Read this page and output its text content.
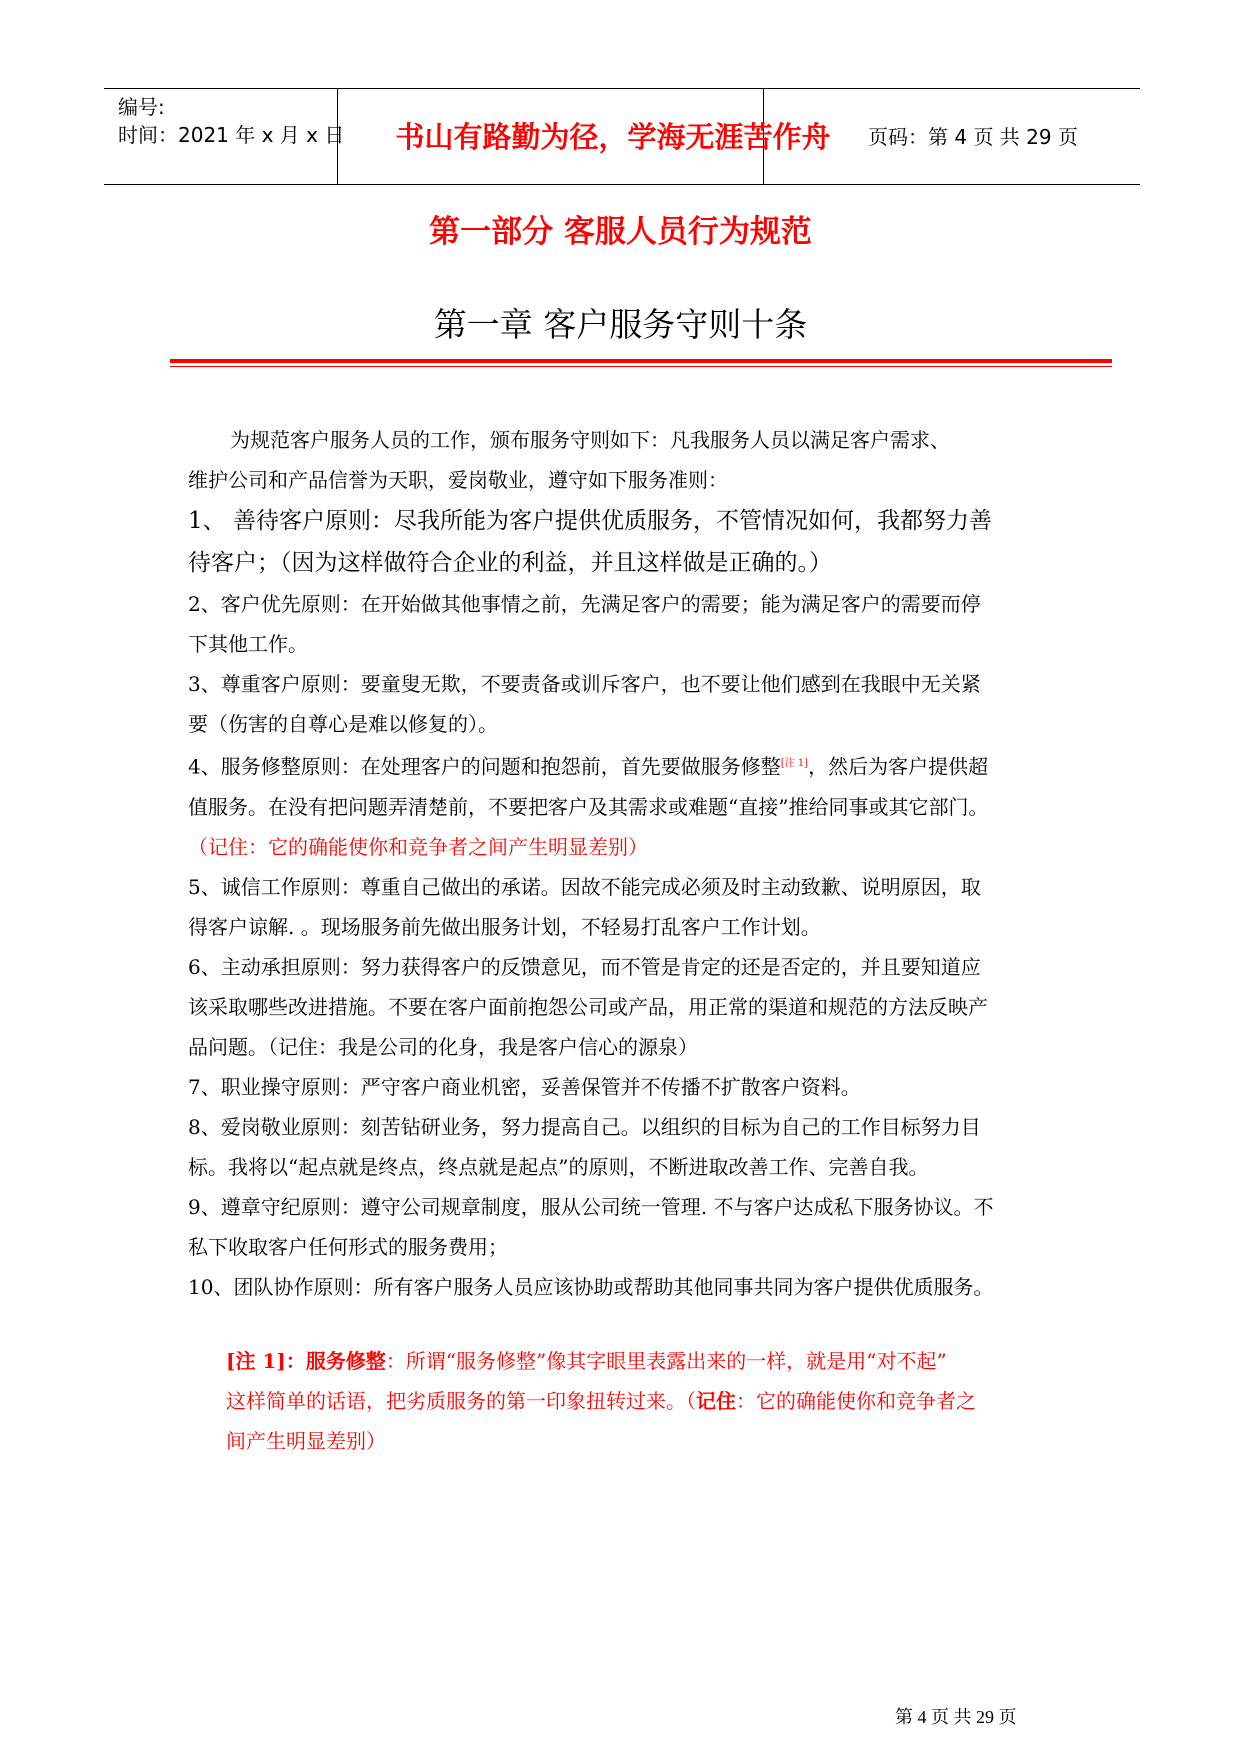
编号:
时间：2021 年 x 月 x 日	书山有路勤为径，学海无涯苦作舟	页码：第 4 页 共 29 页
第一部分 客服人员行为规范
第一章 客户服务守则十条

为规范客户服务人员的工作，颁布服务守则如下：凡我服务人员以满足客户需求、

维护公司和产品信誉为天职，爱岗敬业，遵守如下服务准则：

1、 善待客户原则：尽我所能为客户提供优质服务，不管情况如何，我都努力善

待客户；（因为这样做符合企业的利益，并且这样做是正确的。）

2、客户优先原则：在开始做其他事情之前，先满足客户的需要；能为满足客户的需要而停

下其他工作。

3、尊重客户原则：要童叟无欺，不要责备或训斥客户，也不要让他们感到在我眼中无关紧

要（伤害的自尊心是难以修复的）。

4、服务修整原则：在处理客户的问题和抱怨前，首先要做服务修整[注 1]，然后为客户提供超

值服务。在没有把问题弄清楚前，不要把客户及其需求或难题“直接”推给同事或其它部门。

（记住：它的确能使你和竞争者之间产生明显差别）

5、诚信工作原则：尊重自己做出的承诺。因故不能完成必须及时主动致歉、说明原因，取

得客户谅解. 。现场服务前先做出服务计划，不轻易打乱客户工作计划。

6、主动承担原则：努力获得客户的反馈意见，而不管是肯定的还是否定的，并且要知道应

该采取哪些改进措施。不要在客户面前抱怨公司或产品，用正常的渠道和规范的方法反映产

品问题。（记住：我是公司的化身，我是客户信心的源泉）

7、职业操守原则：严守客户商业机密，妥善保管并不传播不扩散客户资料。

8、爱岗敬业原则：刻苦钻研业务，努力提高自己。以组织的目标为自己的工作目标努力目

标。我将以“起点就是终点，终点就是起点”的原则，不断进取改善工作、完善自我。

9、遵章守纪原则：遵守公司规章制度，服从公司统一管理. 不与客户达成私下服务协议。不

私下收取客户任何形式的服务费用；

10、团队协作原则：所有客户服务人员应该协助或帮助其他同事共同为客户提供优质服务。

[注 1]：服务修整：所谓“服务修整”像其字眼里表露出来的一样，就是用“对不起”
这样简单的话语，把劣质服务的第一印象扭转过来。（记住：它的确能使你和竞争者之
间产生明显差别）
第 4 页 共 29 页
